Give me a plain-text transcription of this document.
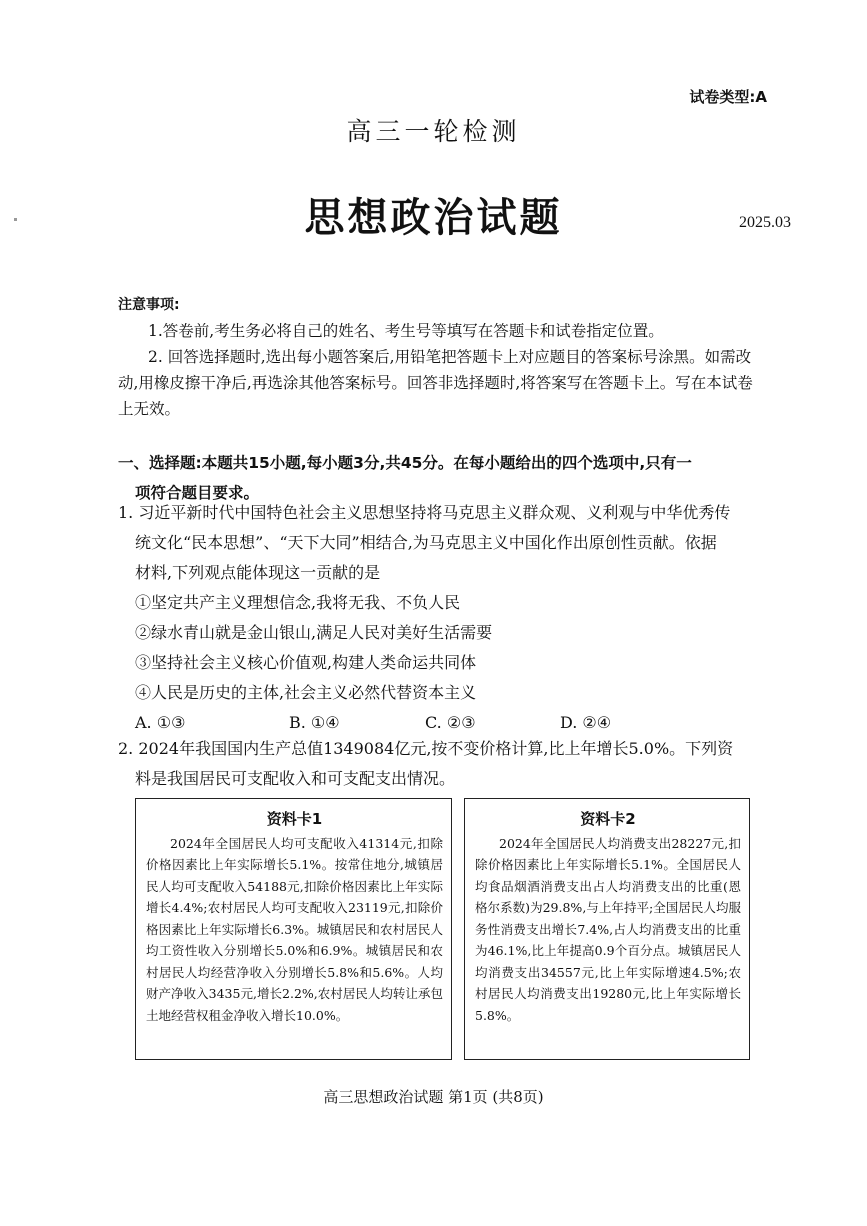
试卷类型:A
高三一轮检测
思想政治试题	2025.03
注意事项:

1.答卷前,考生务必将自己的姓名、考生号等填写在答题卡和试卷指定位置。

2. 回答选择题时,选出每小题答案后,用铅笔把答题卡上对应题目的答案标号涂黑。如需改动,用橡皮擦干净后,再选涂其他答案标号。回答非选择题时,将答案写在答题卡上。写在本试卷上无效。

一、选择题:本题共15小题,每小题3分,共45分。在每小题给出的四个选项中,只有一
项符合题目要求。
1. 习近平新时代中国特色社会主义思想坚持将马克思主义群众观、义利观与中华优秀传
统文化“民本思想”、“天下大同”相结合,为马克思主义中国化作出原创性贡献。依据
材料,下列观点能体现这一贡献的是
①坚定共产主义理想信念,我将无我、不负人民
②绿水青山就是金山银山,满足人民对美好生活需要
③坚持社会主义核心价值观,构建人类命运共同体
④人民是历史的主体,社会主义必然代替资本主义
A. ①③	B. ①④	C. ②③	D. ②④
2. 2024年我国国内生产总值1349084亿元,按不变价格计算,比上年增长5.0%。下列资
料是我国居民可支配收入和可支配支出情况。
资料卡1

2024年全国居民人均可支配收入41314元,扣除价格因素比上年实际增长5.1%。按常住地分,城镇居民人均可支配收入54188元,扣除价格因素比上年实际增长4.4%;农村居民人均可支配收入23119元,扣除价格因素比上年实际增长6.3%。城镇居民和农村居民人均工资性收入分别增长5.0%和6.9%。城镇居民和农村居民人均经营净收入分别增长5.8%和5.6%。人均财产净收入3435元,增长2.2%,农村居民人均转让承包土地经营权租金净收入增长10.0%。

资料卡2

2024年全国居民人均消费支出28227元,扣除价格因素比上年实际增长5.1%。全国居民人均食品烟酒消费支出占人均消费支出的比重(恩格尔系数)为29.8%,与上年持平;全国居民人均服务性消费支出增长7.4%,占人均消费支出的比重为46.1%,比上年提高0.9个百分点。城镇居民人均消费支出34557元,比上年实际增速4.5%;农村居民人均消费支出19280元,比上年实际增长5.8%。

高三思想政治试题 第1页 (共8页)
